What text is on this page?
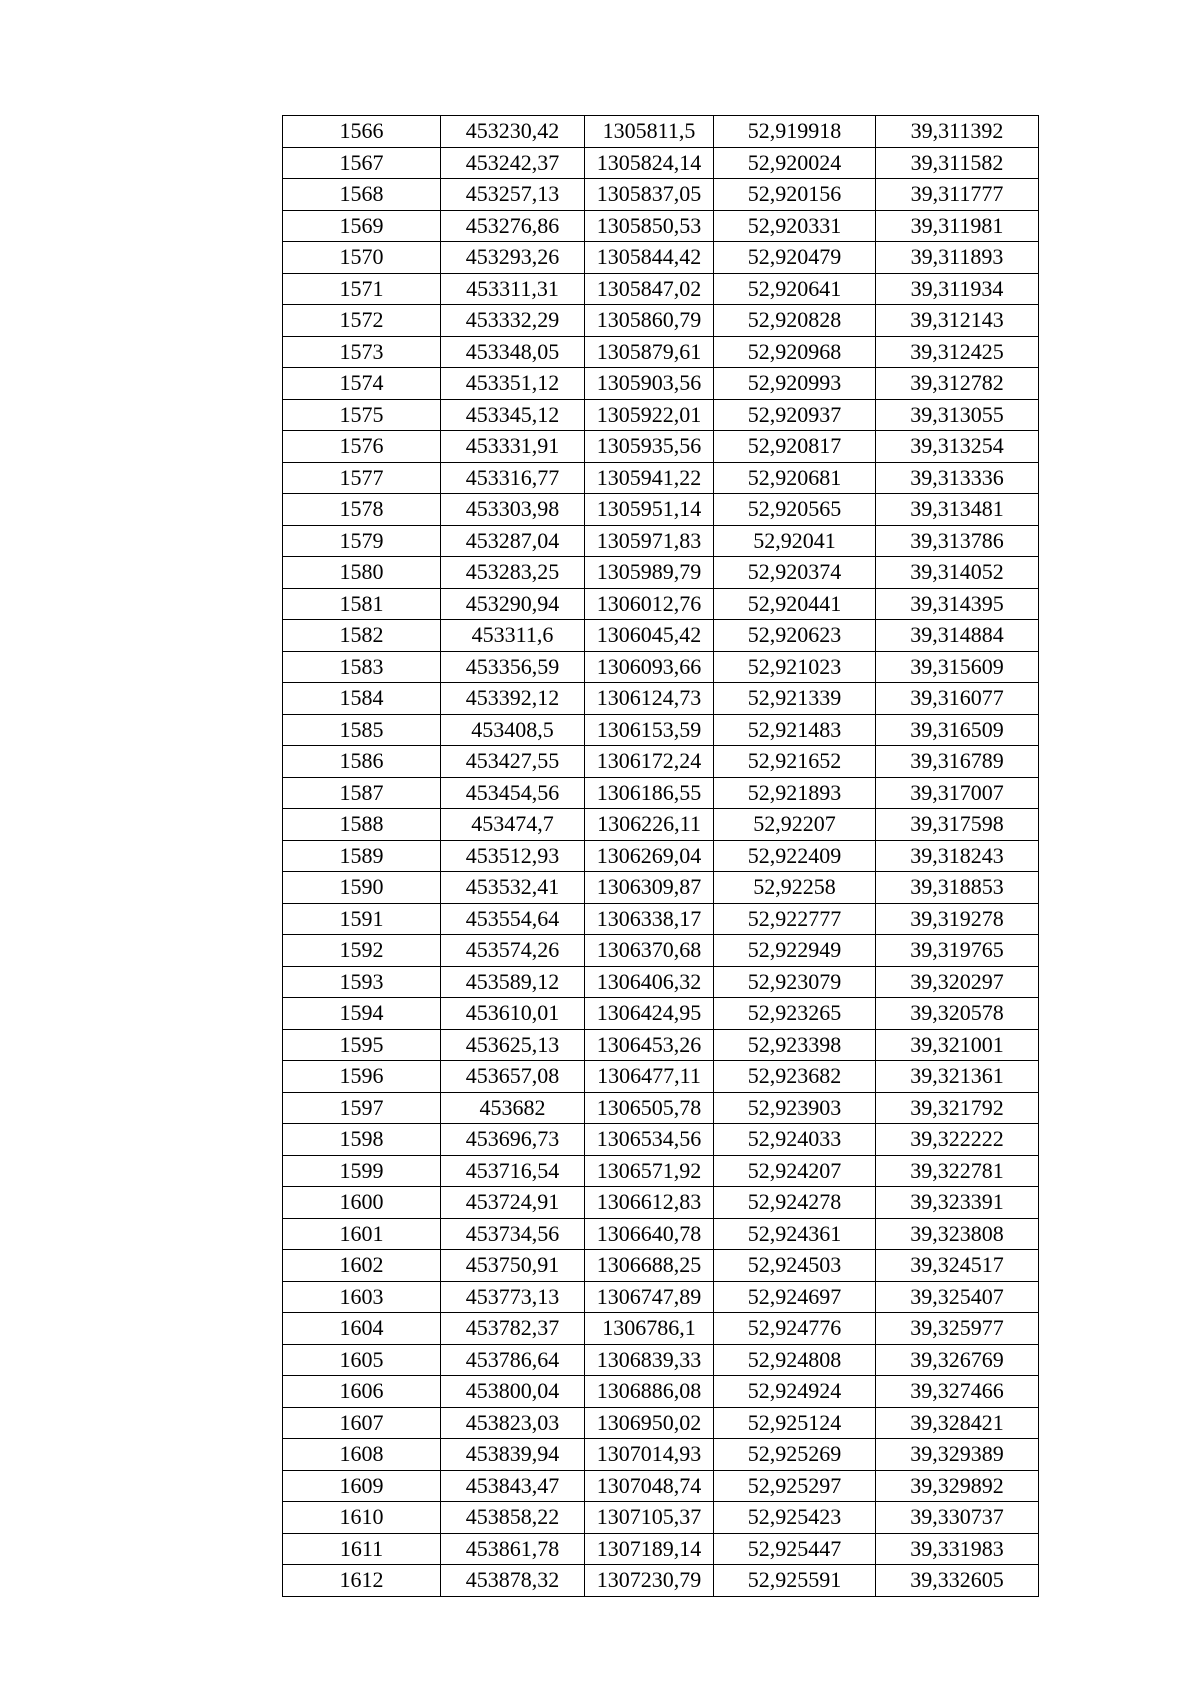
1566	453230,42	1305811,5	52,919918	39,311392
1567	453242,37	1305824,14	52,920024	39,311582
1568	453257,13	1305837,05	52,920156	39,311777
1569	453276,86	1305850,53	52,920331	39,311981
1570	453293,26	1305844,42	52,920479	39,311893
1571	453311,31	1305847,02	52,920641	39,311934
1572	453332,29	1305860,79	52,920828	39,312143
1573	453348,05	1305879,61	52,920968	39,312425
1574	453351,12	1305903,56	52,920993	39,312782
1575	453345,12	1305922,01	52,920937	39,313055
1576	453331,91	1305935,56	52,920817	39,313254
1577	453316,77	1305941,22	52,920681	39,313336
1578	453303,98	1305951,14	52,920565	39,313481
1579	453287,04	1305971,83	52,92041	39,313786
1580	453283,25	1305989,79	52,920374	39,314052
1581	453290,94	1306012,76	52,920441	39,314395
1582	453311,6	1306045,42	52,920623	39,314884
1583	453356,59	1306093,66	52,921023	39,315609
1584	453392,12	1306124,73	52,921339	39,316077
1585	453408,5	1306153,59	52,921483	39,316509
1586	453427,55	1306172,24	52,921652	39,316789
1587	453454,56	1306186,55	52,921893	39,317007
1588	453474,7	1306226,11	52,92207	39,317598
1589	453512,93	1306269,04	52,922409	39,318243
1590	453532,41	1306309,87	52,92258	39,318853
1591	453554,64	1306338,17	52,922777	39,319278
1592	453574,26	1306370,68	52,922949	39,319765
1593	453589,12	1306406,32	52,923079	39,320297
1594	453610,01	1306424,95	52,923265	39,320578
1595	453625,13	1306453,26	52,923398	39,321001
1596	453657,08	1306477,11	52,923682	39,321361
1597	453682	1306505,78	52,923903	39,321792
1598	453696,73	1306534,56	52,924033	39,322222
1599	453716,54	1306571,92	52,924207	39,322781
1600	453724,91	1306612,83	52,924278	39,323391
1601	453734,56	1306640,78	52,924361	39,323808
1602	453750,91	1306688,25	52,924503	39,324517
1603	453773,13	1306747,89	52,924697	39,325407
1604	453782,37	1306786,1	52,924776	39,325977
1605	453786,64	1306839,33	52,924808	39,326769
1606	453800,04	1306886,08	52,924924	39,327466
1607	453823,03	1306950,02	52,925124	39,328421
1608	453839,94	1307014,93	52,925269	39,329389
1609	453843,47	1307048,74	52,925297	39,329892
1610	453858,22	1307105,37	52,925423	39,330737
1611	453861,78	1307189,14	52,925447	39,331983
1612	453878,32	1307230,79	52,925591	39,332605
